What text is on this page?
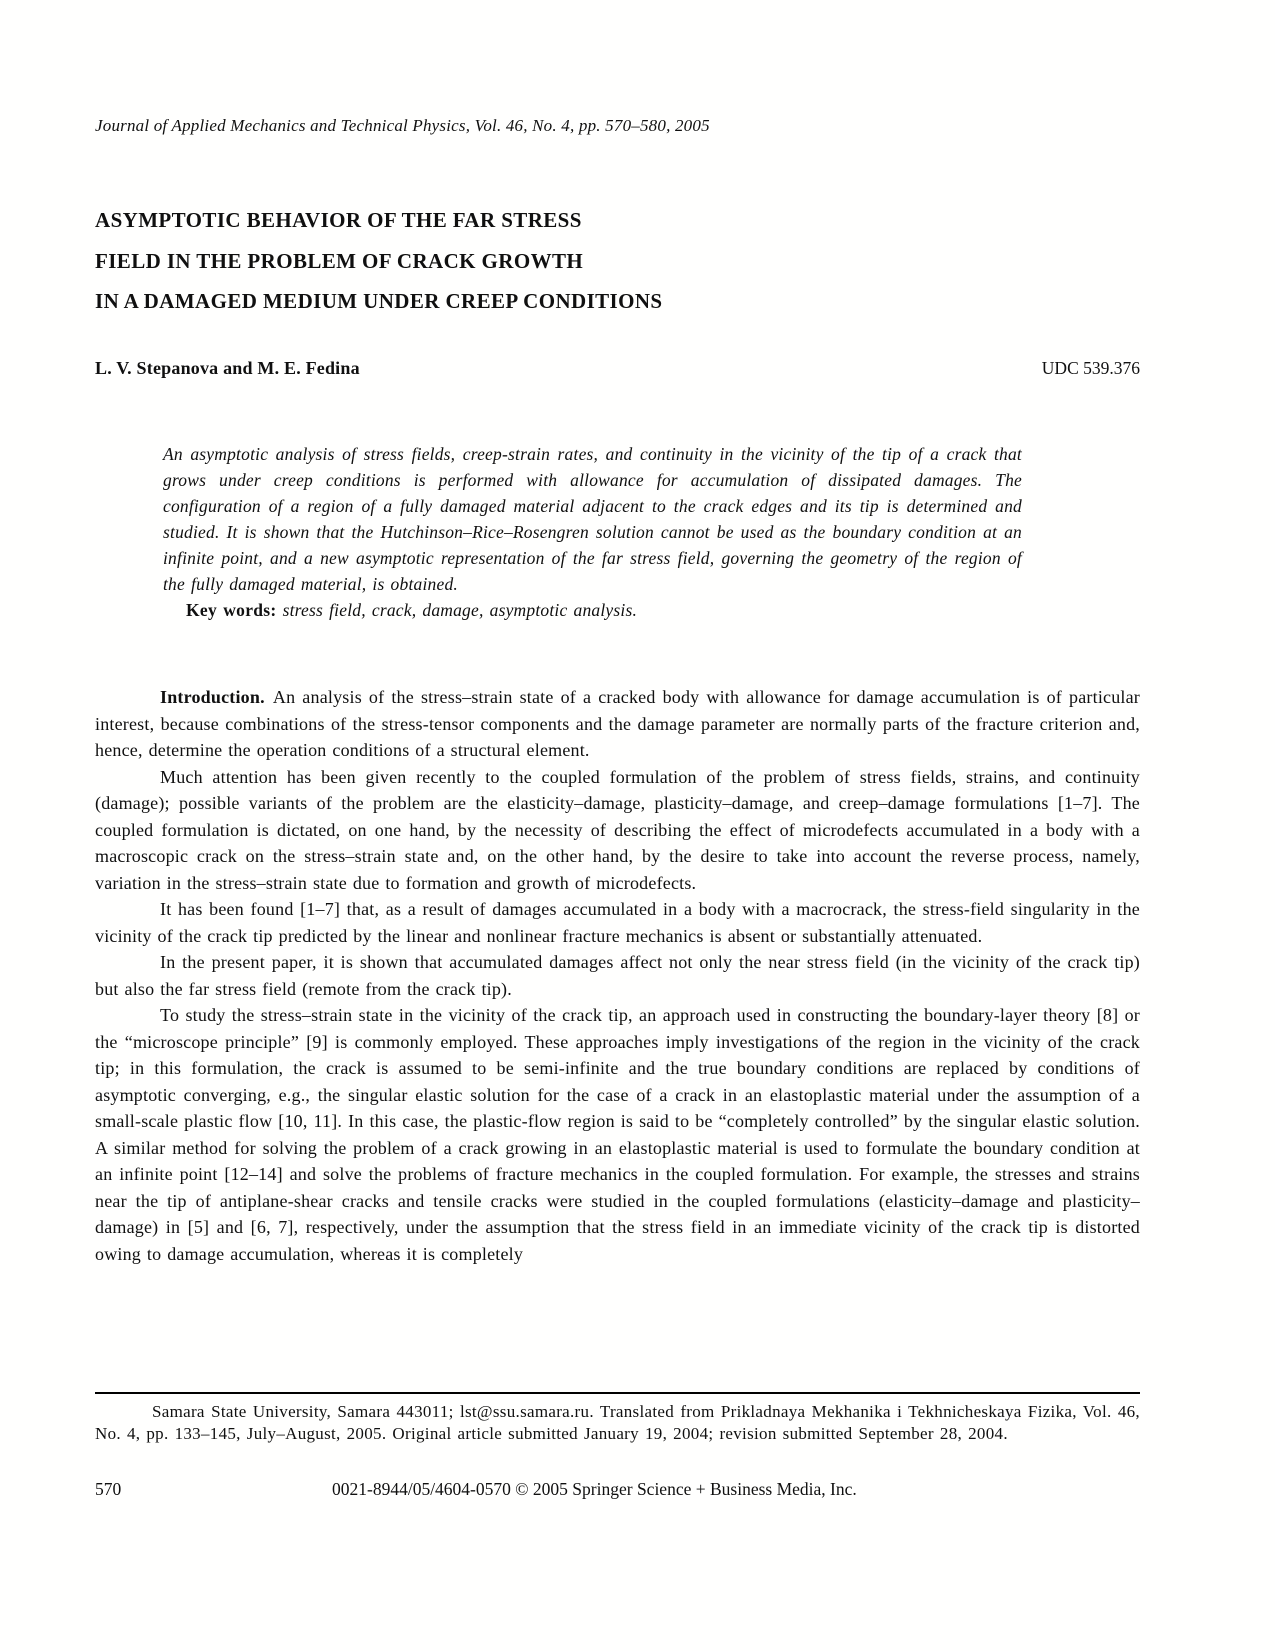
Journal of Applied Mechanics and Technical Physics, Vol. 46, No. 4, pp. 570–580, 2005
ASYMPTOTIC BEHAVIOR OF THE FAR STRESS
FIELD IN THE PROBLEM OF CRACK GROWTH
IN A DAMAGED MEDIUM UNDER CREEP CONDITIONS
L. V. Stepanova and M. E. Fedina	UDC 539.376
An asymptotic analysis of stress fields, creep-strain rates, and continuity in the vicinity of the tip of a crack that grows under creep conditions is performed with allowance for accumulation of dissipated damages. The configuration of a region of a fully damaged material adjacent to the crack edges and its tip is determined and studied. It is shown that the Hutchinson–Rice–Rosengren solution cannot be used as the boundary condition at an infinite point, and a new asymptotic representation of the far stress field, governing the geometry of the region of the fully damaged material, is obtained.
Key words: stress field, crack, damage, asymptotic analysis.

Introduction. An analysis of the stress–strain state of a cracked body with allowance for damage accumulation is of particular interest, because combinations of the stress-tensor components and the damage parameter are normally parts of the fracture criterion and, hence, determine the operation conditions of a structural element.

Much attention has been given recently to the coupled formulation of the problem of stress fields, strains, and continuity (damage); possible variants of the problem are the elasticity–damage, plasticity–damage, and creep–damage formulations [1–7]. The coupled formulation is dictated, on one hand, by the necessity of describing the effect of microdefects accumulated in a body with a macroscopic crack on the stress–strain state and, on the other hand, by the desire to take into account the reverse process, namely, variation in the stress–strain state due to formation and growth of microdefects.

It has been found [1–7] that, as a result of damages accumulated in a body with a macrocrack, the stress-field singularity in the vicinity of the crack tip predicted by the linear and nonlinear fracture mechanics is absent or substantially attenuated.

In the present paper, it is shown that accumulated damages affect not only the near stress field (in the vicinity of the crack tip) but also the far stress field (remote from the crack tip).

To study the stress–strain state in the vicinity of the crack tip, an approach used in constructing the boundary-layer theory [8] or the “microscope principle” [9] is commonly employed. These approaches imply investigations of the region in the vicinity of the crack tip; in this formulation, the crack is assumed to be semi-infinite and the true boundary conditions are replaced by conditions of asymptotic converging, e.g., the singular elastic solution for the case of a crack in an elastoplastic material under the assumption of a small-scale plastic flow [10, 11]. In this case, the plastic-flow region is said to be “completely controlled” by the singular elastic solution. A similar method for solving the problem of a crack growing in an elastoplastic material is used to formulate the boundary condition at an infinite point [12–14] and solve the problems of fracture mechanics in the coupled formulation. For example, the stresses and strains near the tip of antiplane-shear cracks and tensile cracks were studied in the coupled formulations (elasticity–damage and plasticity–damage) in [5] and [6, 7], respectively, under the assumption that the stress field in an immediate vicinity of the crack tip is distorted owing to damage accumulation, whereas it is completely

Samara State University, Samara 443011; lst@ssu.samara.ru. Translated from Prikladnaya Mekhanika i Tekhnicheskaya Fizika, Vol. 46, No. 4, pp. 133–145, July–August, 2005. Original article submitted January 19, 2004; revision submitted September 28, 2004.
570	0021-8944/05/4604-0570 © 2005 Springer Science + Business Media, Inc.
